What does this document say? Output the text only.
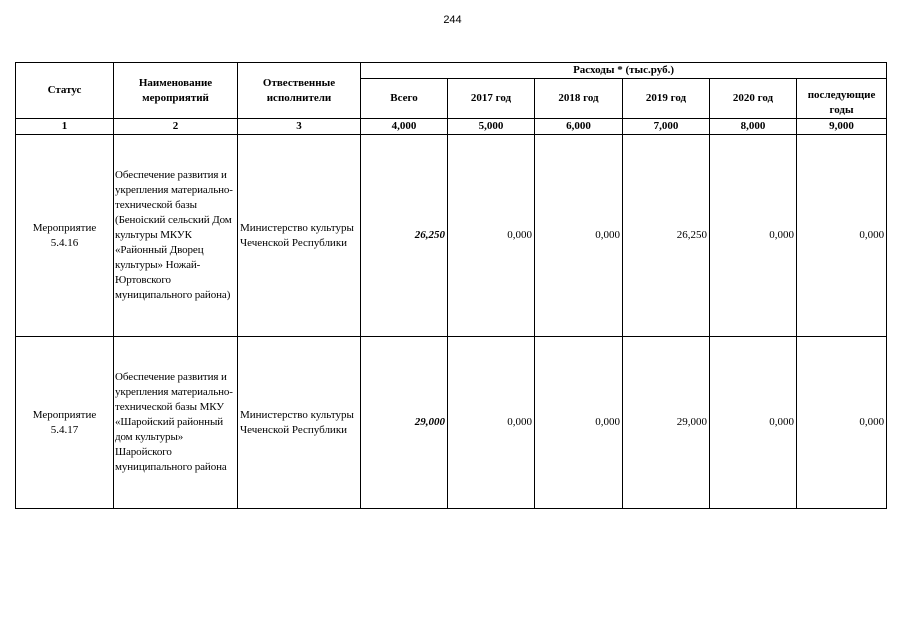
244
Статус	Наименование мероприятий	Отвественные исполнители	Расходы * (тыс.руб.)					
			Всего	2017 год	2018 год	2019 год	2020 год	последующие годы
1	2	3	4,000	5,000	6,000	7,000	8,000	9,000
Мероприятие 5.4.16	Обеспечение развития и укрепления материально-технической базы (Беноiский сельский Дом культуры МКУК «Районный Дворец культуры» Ножай-Юртовского муниципального района)	Министерство культуры Чеченской Республики	26,250	0,000	0,000	26,250	0,000	0,000
Мероприятие 5.4.17	Обеспечение развития и укрепления материально-технической базы МКУ «Шаройский районный дом культуры» Шаройского муниципального района	Министерство культуры Чеченской Республики	29,000	0,000	0,000	29,000	0,000	0,000
